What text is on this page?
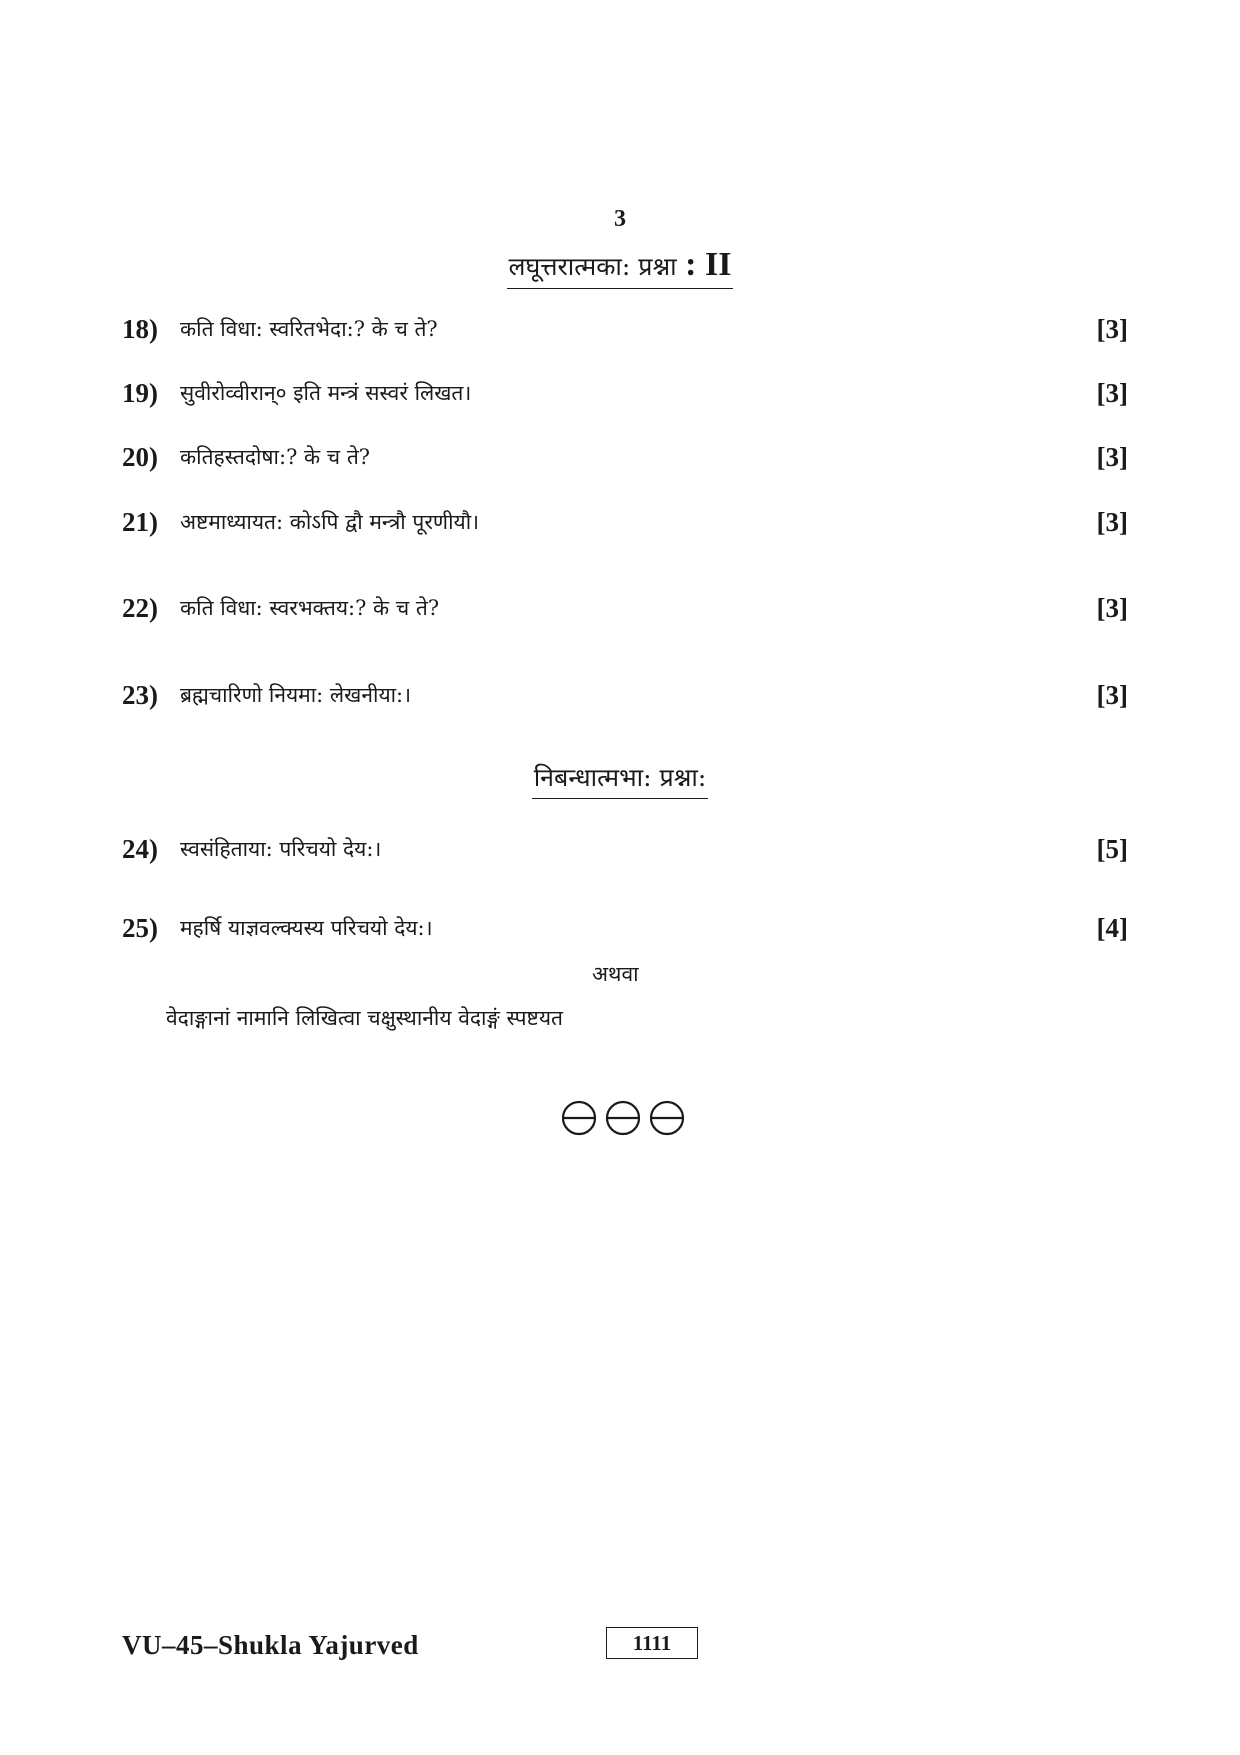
3
लघूत्तरात्मका: प्रश्ना : II
18)	कति विधा: स्वरितभेदा:? के च ते?	[3]
19)	सुवीरोव्वीरान्० इति मन्त्रं सस्वरं लिखत।	[3]
20)	कतिहस्तदोषा:? के च ते?	[3]
21)	अष्टमाध्यायत: कोऽपि द्वौ मन्त्रौ पूरणीयौ।	[3]
22)	कति विधा: स्वरभक्तय:? के च ते?	[3]
23)	ब्रह्मचारिणो नियमा: लेखनीया:।	[3]
निबन्धात्मभा: प्रश्ना:
24)	स्वसंहिताया: परिचयो देय:।	[5]
25)	महर्षि याज्ञवल्क्यस्य परिचयो देय:।	[4]
अथवा
वेदाङ्गानां नामानि लिखित्वा चक्षुस्थानीय वेदाङ्गं स्पष्टयत
VU–45–Shukla Yajurved	1111
